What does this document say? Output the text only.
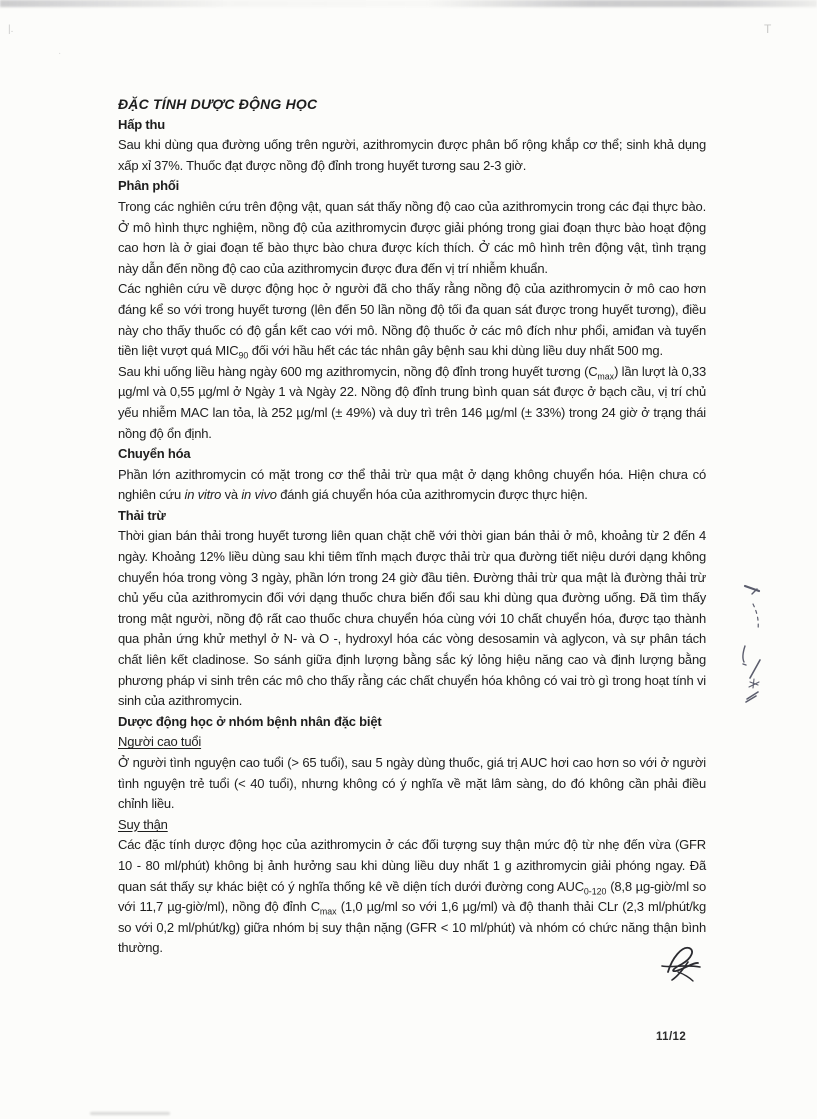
|.
·
T
ĐẶC TÍNH DƯỢC ĐỘNG HỌC
Hấp thu

Sau khi dùng qua đường uống trên người, azithromycin được phân bố rộng khắp cơ thể; sinh khả dụng xấp xỉ 37%. Thuốc đạt được nồng độ đỉnh trong huyết tương sau 2-3 giờ.

Phân phối

Trong các nghiên cứu trên động vật, quan sát thấy nồng độ cao của azithromycin trong các đại thực bào. Ở mô hình thực nghiệm, nồng độ của azithromycin được giải phóng trong giai đoạn thực bào hoạt động cao hơn là ở giai đoạn tế bào thực bào chưa được kích thích. Ở các mô hình trên động vật, tình trạng này dẫn đến nồng độ cao của azithromycin được đưa đến vị trí nhiễm khuẩn.

Các nghiên cứu về dược động học ở người đã cho thấy rằng nồng độ của azithromycin ở mô cao hơn đáng kể so với trong huyết tương (lên đến 50 lần nồng độ tối đa quan sát được trong huyết tương), điều này cho thấy thuốc có độ gắn kết cao với mô. Nồng độ thuốc ở các mô đích như phổi, amiđan và tuyến tiền liệt vượt quá $MIC_{90}$ đối với hầu hết các tác nhân gây bệnh sau khi dùng liều duy nhất 500 mg.

Sau khi uống liều hàng ngày 600 mg azithromycin, nồng độ đỉnh trong huyết tương $(C_{max})$ lần lượt là 0,33 µg/ml và 0,55 µg/ml ở Ngày 1 và Ngày 22. Nồng độ đỉnh trung bình quan sát được ở bạch cầu, vị trí chủ yếu nhiễm MAC lan tỏa, là 252 µg/ml (± 49%) và duy trì trên 146 µg/ml (± 33%) trong 24 giờ ở trạng thái nồng độ ổn định.

Chuyển hóa

Phần lớn azithromycin có mặt trong cơ thể thải trừ qua mật ở dạng không chuyển hóa. Hiện chưa có nghiên cứu in vitro và in vivo đánh giá chuyển hóa của azithromycin được thực hiện.

Thải trừ

Thời gian bán thải trong huyết tương liên quan chặt chẽ với thời gian bán thải ở mô, khoảng từ 2 đến 4 ngày. Khoảng 12% liều dùng sau khi tiêm tĩnh mạch được thải trừ qua đường tiết niệu dưới dạng không chuyển hóa trong vòng 3 ngày, phần lớn trong 24 giờ đầu tiên. Đường thải trừ qua mật là đường thải trừ chủ yếu của azithromycin đối với dạng thuốc chưa biến đổi sau khi dùng qua đường uống. Đã tìm thấy trong mật người, nồng độ rất cao thuốc chưa chuyển hóa cùng với 10 chất chuyển hóa, được tạo thành qua phản ứng khử methyl ở N- và O -, hydroxyl hóa các vòng desosamin và aglycon, và sự phân tách chất liên kết cladinose. So sánh giữa định lượng bằng sắc ký lỏng hiệu năng cao và định lượng bằng phương pháp vi sinh trên các mô cho thấy rằng các chất chuyển hóa không có vai trò gì trong hoạt tính vi sinh của azithromycin.

Dược động học ở nhóm bệnh nhân đặc biệt
Người cao tuổi

Ở người tình nguyện cao tuổi (> 65 tuổi), sau 5 ngày dùng thuốc, giá trị AUC hơi cao hơn so với ở người tình nguyện trẻ tuổi (< 40 tuổi), nhưng không có ý nghĩa về mặt lâm sàng, do đó không cần phải điều chỉnh liều.

Suy thận

Các đặc tính dược động học của azithromycin ở các đối tượng suy thận mức độ từ nhẹ đến vừa (GFR 10 - 80 ml/phút) không bị ảnh hưởng sau khi dùng liều duy nhất 1 g azithromycin giải phóng ngay. Đã quan sát thấy sự khác biệt có ý nghĩa thống kê về diện tích dưới đường cong $AUC_{0-120}$ (8,8 µg-giờ/ml so với 11,7 µg-giờ/ml), nồng độ đỉnh $C_{max}$ (1,0 µg/ml so với 1,6 µg/ml) và độ thanh thải CLr (2,3 ml/phút/kg so với 0,2 ml/phút/kg) giữa nhóm bị suy thận nặng (GFR < 10 ml/phút) và nhóm có chức năng thận bình thường.

11/12
